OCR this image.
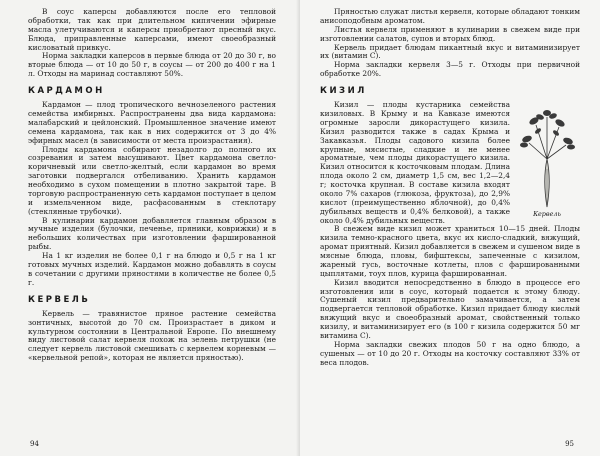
В соус каперсы добавляются после его тепловой обработки, так как при длительном кипячении эфирные масла улетучиваются и каперсы приобретают пресный вкус. Блюда, приправленные каперсами, имеют своеобразный кисловатый привкус.

Норма закладки каперсов в первые блюда от 20 до 30 г, во вторые блюда — от 10 до 50 г, в соусы — от 200 до 400 г на 1 л. Отходы на маринад составляют 50%.

КАРДАМОН

Кардамон — плод тропического вечнозеленого растения семейства имбирных. Распространены два вида кардамона: малабарский и цейлонский. Промышленное значение имеют семена кардамона, так как в них содержится от 3 до 4% эфирных масел (в зависимости от места произрастания).

Плоды кардамона собирают незадолго до полного их созревания и затем высушивают. Цвет кардамона светло-коричневый или светло-желтый, если кардамон во время заготовки подвергался отбеливанию. Хранить кардамон необходимо в сухом помещении в плотно закрытой таре. В торговую распространенную сеть кардамон поступает в целом и измельченном виде, расфасованным в стеклотару (стеклянные трубочки).

В кулинарии кардамон добавляется главным образом в мучные изделия (булочки, печенье, пряники, коврижки) и в небольших количествах при изготовлении фаршированной рыбы.

На 1 кг изделия не более 0,1 г на блюдо и 0,5 г на 1 кг готовых мучных изделий. Кардамон можно добавлять в соусы в сочетании с другими пряностями в количестве не более 0,5 г.

КЕРВЕЛЬ

Кервель — травянистое пряное растение семейства зонтичных, высотой до 70 см. Произрастает в диком и культурном состоянии в Центральной Европе. По внешнему виду листовой салат кервеля похож на зелень петрушки (не следует кервель листовой смешивать с кервелем корневым — «кервельной репой», которая не является пряностью).

94

Пряностью служат листья кервеля, которые обладают тонким анисоподобным ароматом.

Листья кервеля применяют в кулинарии в свежем виде при изготовлении салатов, супов и вторых блюд.

Кервель придает блюдам пикантный вкус и витаминизирует их (витамин С).

Норма закладки кервеля 3—5 г. Отходы при первичной обработке 20%.

КИЗИЛ

Кервель

Кизил — плоды кустарника семейства кизиловых. В Крыму и на Кавказе имеются огромные заросли дикорастущего кизила. Кизил разводится также в садах Крыма и Закавказья. Плоды садового кизила более крупные, мясистые, сладкие и не менее ароматные, чем плоды дикорастущего кизила. Кизил относится к косточковым плодам. Длина плода около 2 см, диаметр 1,5 см, вес 1,2—2,4 г; косточка крупная. В составе кизила входят около 7% сахаров (глюкоза, фруктоза), до 2,9% кислот (преимущественно яблочной), до 0,4% дубильных веществ и 0,4% белковой), а также около 0,4% дубильных веществ.

В свежем виде кизил может храниться 10—15 дней. Плоды кизила темно-красного цвета, вкус их кисло-сладкий, вяжущий, аромат приятный. Кизил добавляется в свежем и сушеном виде в мясные блюда, пловы, бифштексы, запеченные с кизилом, жареный гусь, восточные котлеты, плов с фаршированными цыплятами, тоух плов, курица фаршированная.

Кизил вводится непосредственно в блюдо в процессе его изготовления или в соус, который подается к этому блюду. Сушеный кизил предварительно замачивается, а затем подвергается тепловой обработке. Кизил придает блюду кислый вяжущий вкус и своеобразный аромат, свойственный только кизилу, и витаминизирует его (в 100 г кизила содержится 50 мг витамина С).

Норма закладки свежих плодов 50 г на одно блюдо, а сушеных — от 10 до 20 г. Отходы на косточку составляют 33% от веса плодов.

95
